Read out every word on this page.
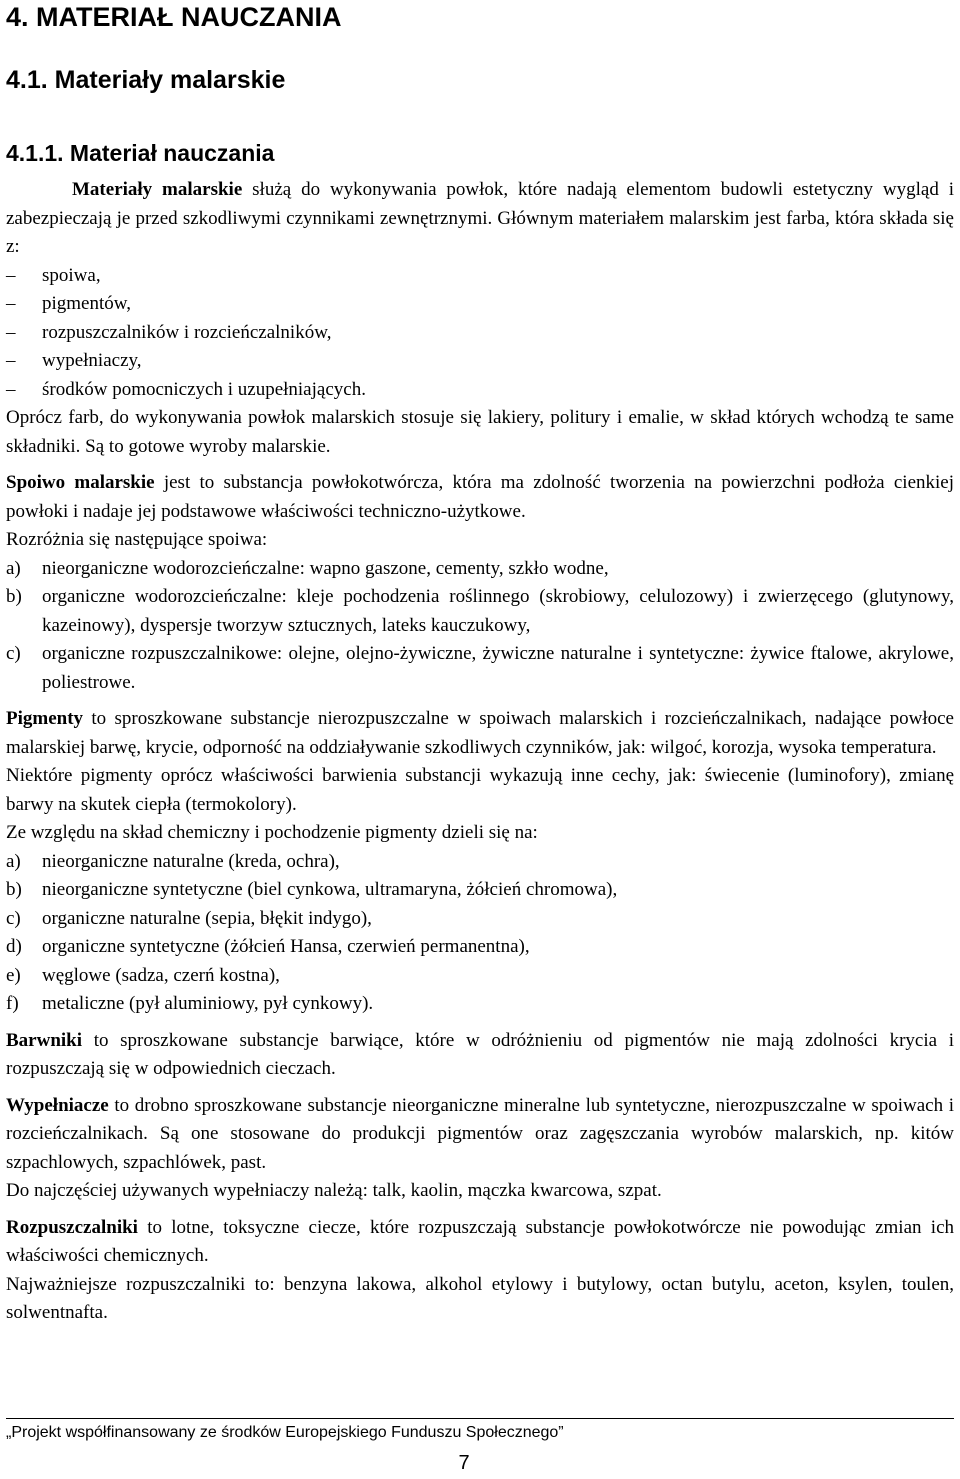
4. MATERIAŁ NAUCZANIA
4.1. Materiały malarskie
4.1.1. Materiał nauczania

Materiały malarskie służą do wykonywania powłok, które nadają elementom budowli estetyczny wygląd i zabezpieczają je przed szkodliwymi czynnikami zewnętrznymi. Głównym materiałem malarskim jest farba, która składa się z:

– spoiwa,
– pigmentów,
– rozpuszczalników i rozcieńczalników,
– wypełniaczy,
– środków pomocniczych i uzupełniających.

Oprócz farb, do wykonywania powłok malarskich stosuje się lakiery, politury i emalie, w skład których wchodzą te same składniki. Są to gotowe wyroby malarskie.

Spoiwo malarskie jest to substancja powłokotwórcza, która ma zdolność tworzenia na powierzchni podłoża cienkiej powłoki i nadaje jej podstawowe właściwości techniczno-użytkowe.

Rozróżnia się następujące spoiwa:

a) nieorganiczne wodorozcieńczalne: wapno gaszone, cementy, szkło wodne,
b) organiczne wodorozcieńczalne: kleje pochodzenia roślinnego (skrobiowy, celulozowy) i zwierzęcego (glutynowy, kazeinowy), dyspersje tworzyw sztucznych, lateks kauczukowy,
c) organiczne rozpuszczalnikowe: olejne, olejno-żywiczne, żywiczne naturalne i syntetyczne: żywice ftalowe, akrylowe, poliestrowe.

Pigmenty to sproszkowane substancje nierozpuszczalne w spoiwach malarskich i rozcieńczalnikach, nadające powłoce malarskiej barwę, krycie, odporność na oddziaływanie szkodliwych czynników, jak: wilgoć, korozja, wysoka temperatura.

Niektóre pigmenty oprócz właściwości barwienia substancji wykazują inne cechy, jak: świecenie (luminofory), zmianę barwy na skutek ciepła (termokolory).

Ze względu na skład chemiczny i pochodzenie pigmenty dzieli się na:

a) nieorganiczne naturalne (kreda, ochra),
b) nieorganiczne syntetyczne (biel cynkowa, ultramaryna, żółcień chromowa),
c) organiczne naturalne (sepia, błękit indygo),
d) organiczne syntetyczne (żółcień Hansa, czerwień permanentna),
e) węglowe (sadza, czerń kostna),
f) metaliczne (pył aluminiowy, pył cynkowy).

Barwniki to sproszkowane substancje barwiące, które w odróżnieniu od pigmentów nie mają zdolności krycia i rozpuszczają się w odpowiednich cieczach.

Wypełniacze to drobno sproszkowane substancje nieorganiczne mineralne lub syntetyczne, nierozpuszczalne w spoiwach i rozcieńczalnikach. Są one stosowane do produkcji pigmentów oraz zagęszczania wyrobów malarskich, np. kitów szpachlowych, szpachlówek, past.

Do najczęściej używanych wypełniaczy należą: talk, kaolin, mączka kwarcowa, szpat.

Rozpuszczalniki to lotne, toksyczne ciecze, które rozpuszczają substancje powłokotwórcze nie powodując zmian ich właściwości chemicznych.

Najważniejsze rozpuszczalniki to: benzyna lakowa, alkohol etylowy i butylowy, octan butylu, aceton, ksylen, toulen, solwentnafta.

„Projekt współfinansowany ze środków Europejskiego Funduszu Społecznego”
7
